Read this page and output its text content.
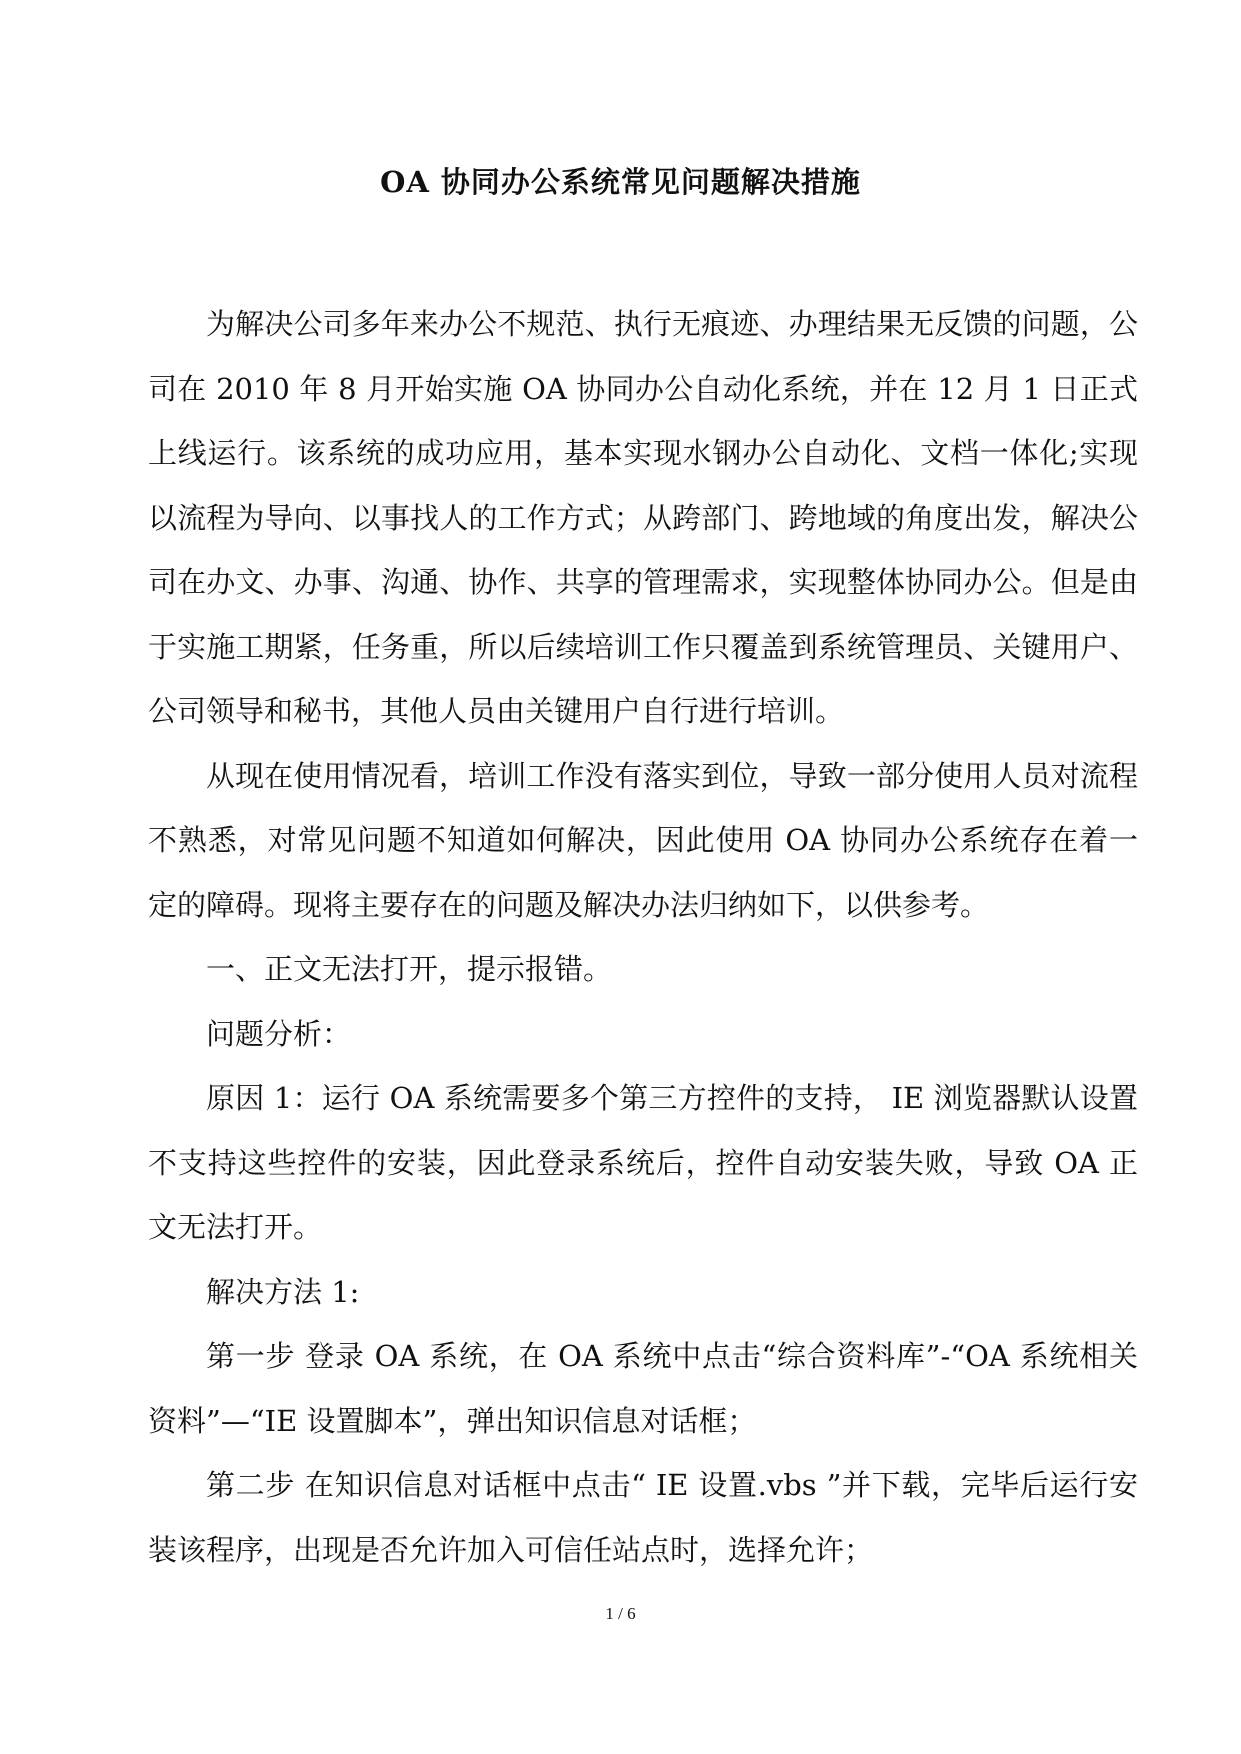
OA 协同办公系统常见问题解决措施

为解决公司多年来办公不规范、执行无痕迹、办理结果无反馈的问题，公司在 2010 年 8 月开始实施 OA 协同办公自动化系统，并在 12 月 1 日正式上线运行。该系统的成功应用，基本实现水钢办公自动化、文档一体化;实现以流程为导向、以事找人的工作方式；从跨部门、跨地域的角度出发，解决公司在办文、办事、沟通、协作、共享的管理需求，实现整体协同办公。但是由于实施工期紧，任务重，所以后续培训工作只覆盖到系统管理员、关键用户、公司领导和秘书，其他人员由关键用户自行进行培训。

从现在使用情况看，培训工作没有落实到位，导致一部分使用人员对流程不熟悉，对常见问题不知道如何解决，因此使用 OA 协同办公系统存在着一定的障碍。现将主要存在的问题及解决办法归纳如下，以供参考。

一、正文无法打开，提示报错。

问题分析：

原因 1：运行 OA 系统需要多个第三方控件的支持， IE 浏览器默认设置不支持这些控件的安装，因此登录系统后，控件自动安装失败，导致 OA 正文无法打开。

解决方法 1:

第一步 登录 OA 系统，在 OA 系统中点击“综合资料库”-“OA 系统相关资料”—“IE 设置脚本”，弹出知识信息对话框；

第二步 在知识信息对话框中点击“ IE 设置.vbs ”并下载，完毕后运行安装该程序，出现是否允许加入可信任站点时，选择允许；

1 / 6
